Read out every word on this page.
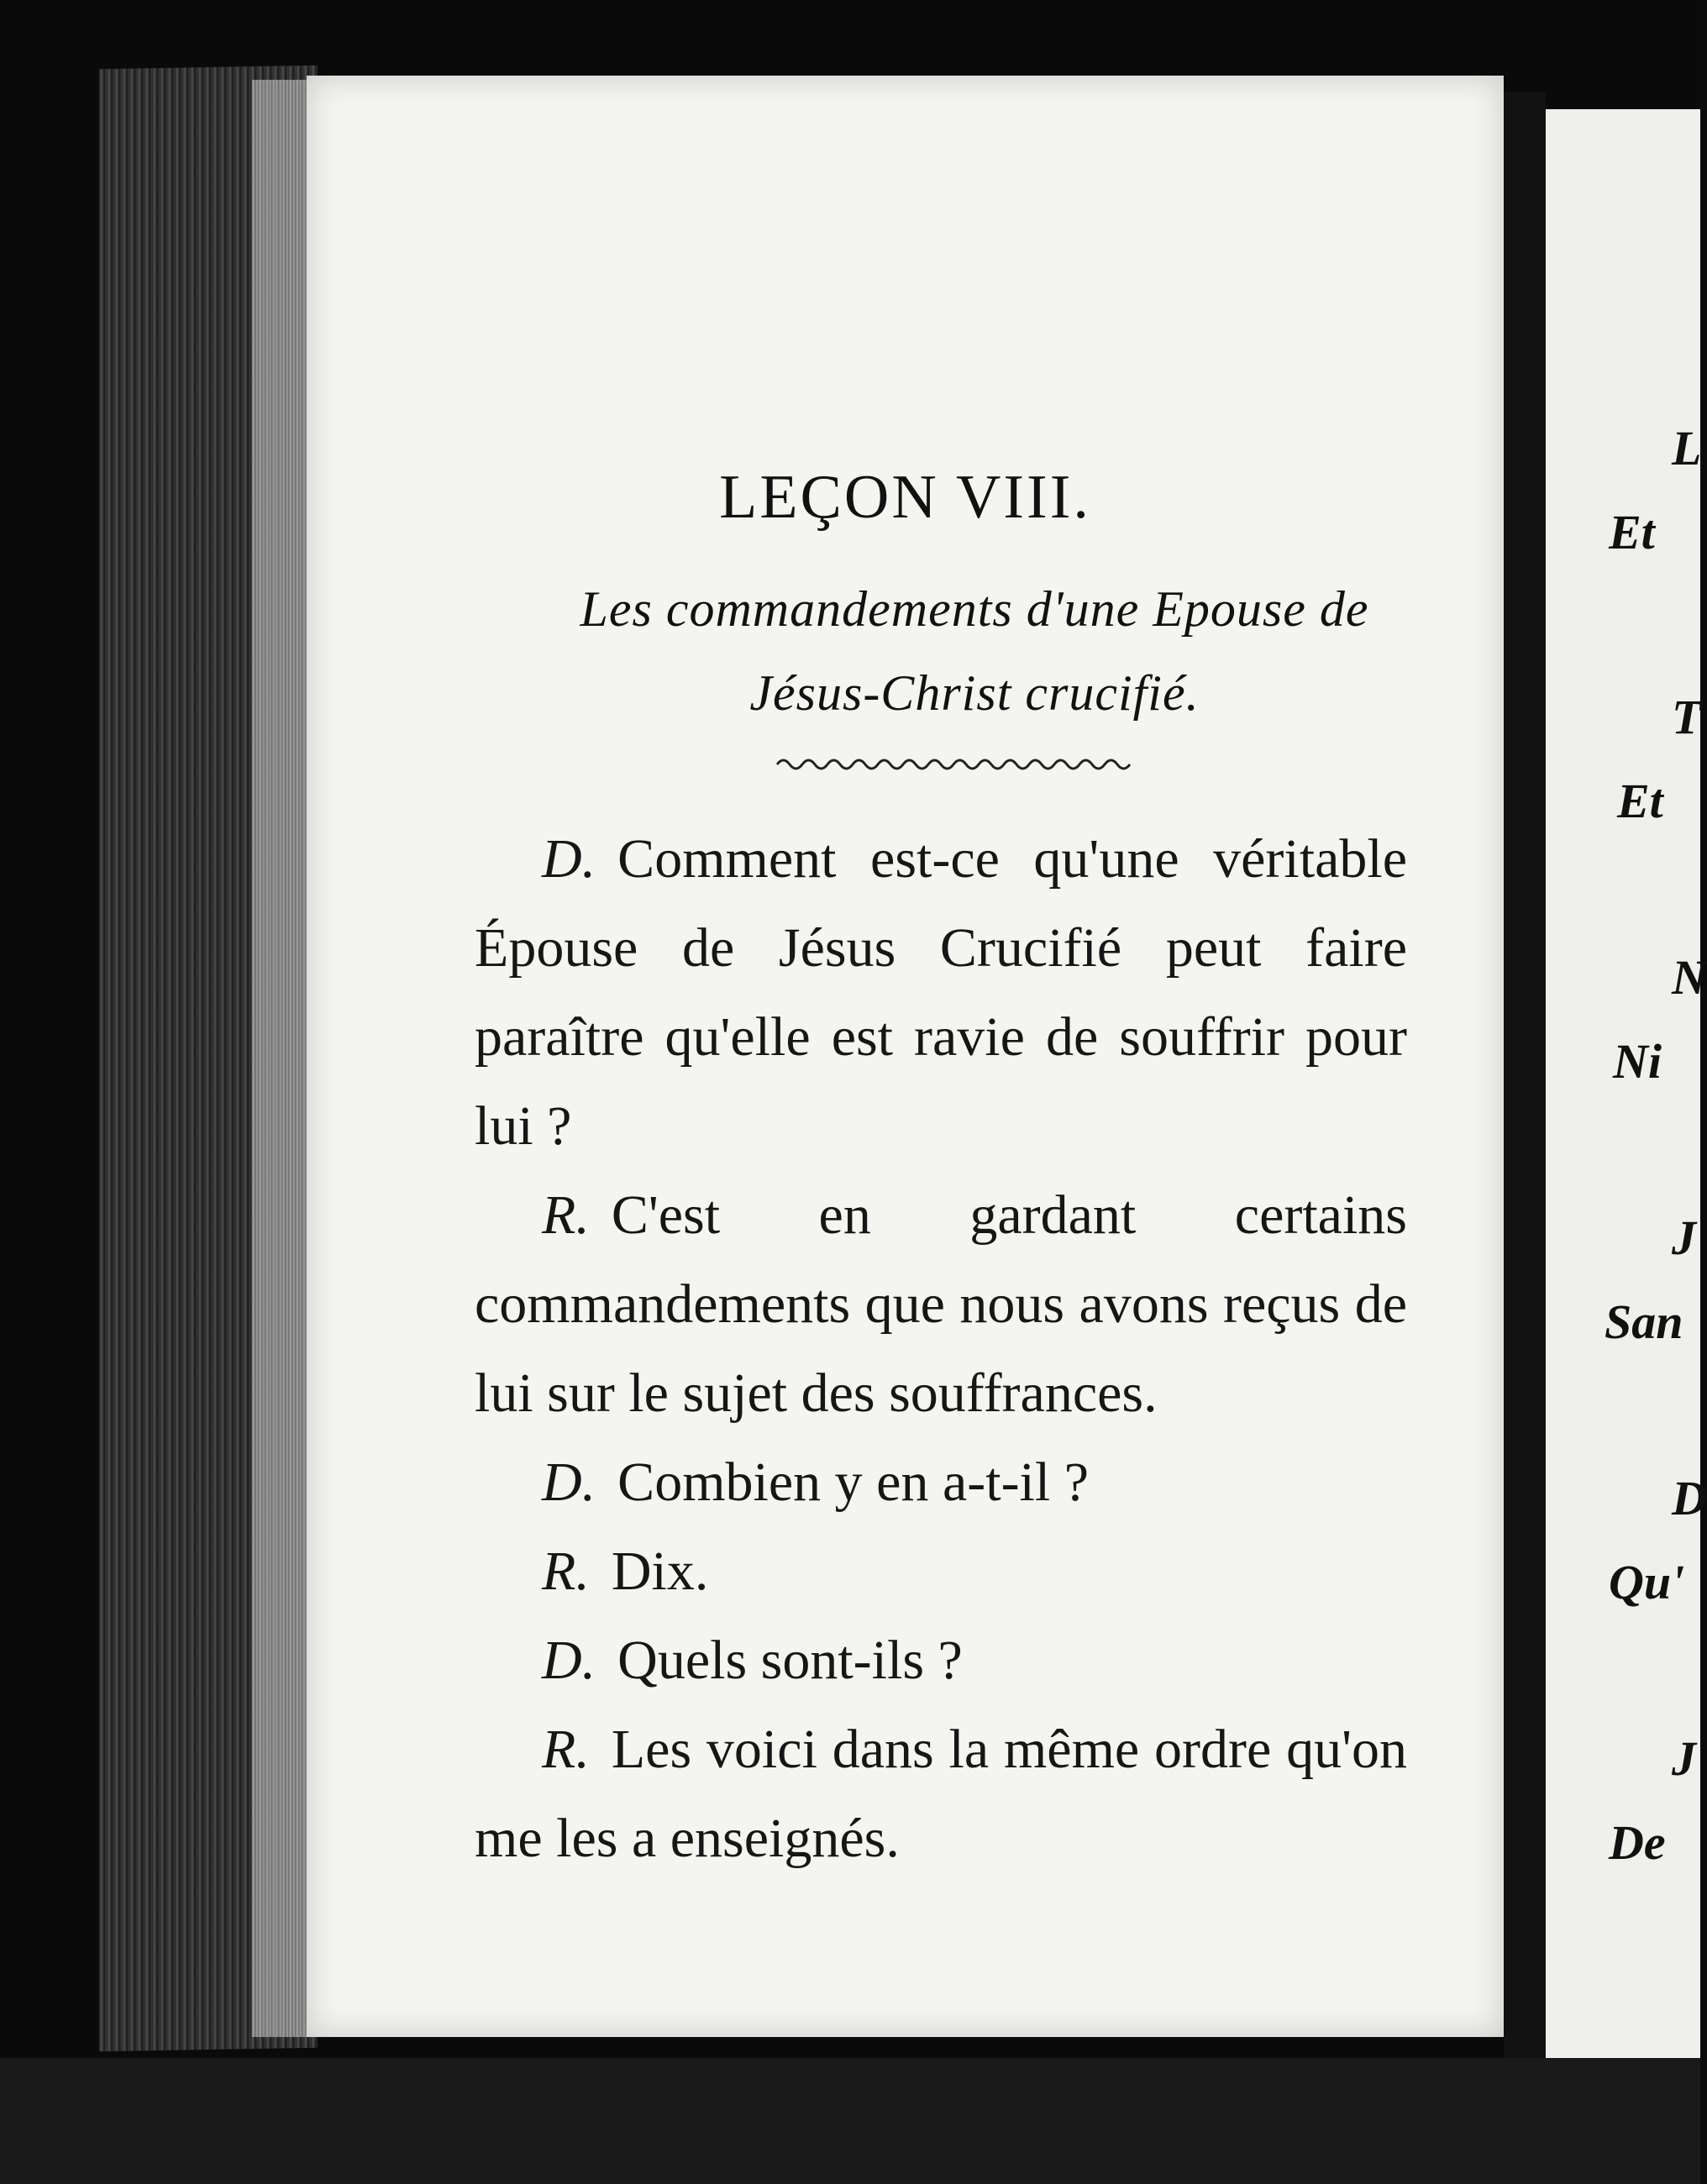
LEÇON VIII.
Les commandements d'une Epouse de
Jésus-Christ crucifié.

D. Comment est-ce qu'une véritable Épouse de Jésus Crucifié peut faire paraître qu'elle est ravie de souffrir pour lui ?

R. C'est en gardant certains commandements que nous avons reçus de lui sur le sujet des souffrances.

D. Combien y en a-t-il ?

R. Dix.

D. Quels sont-ils ?

R. Les voici dans la même ordre qu'on me les a enseignés.

L
Et
T
Et
N
Ni
J
San
D
Qu'
J
De
